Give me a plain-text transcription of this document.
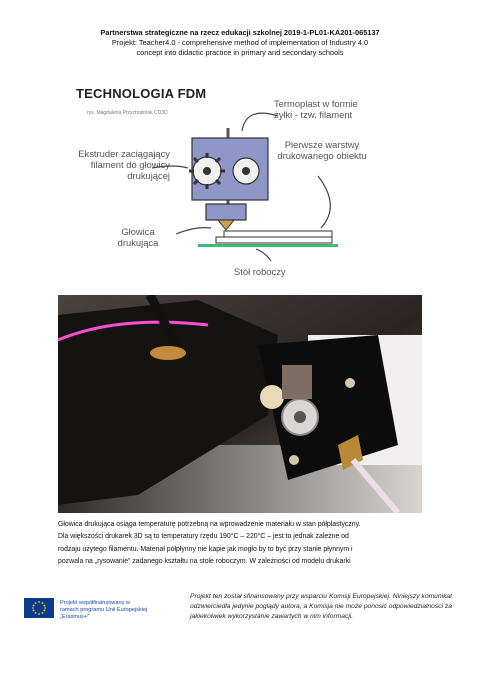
Partnerstwa strategiczne na rzecz edukacji szkolnej 2019-1-PL01-KA201-065137
Projekt: Teacher4.0 - comprehensive method of implementation of Industry 4.0
concept into didactic practice in primary and secondary schools
TECHNOLOGIA FDM
rys. Magdalena Przychodniak CD3D
Termoplast w formie
żyłki - tzw. filament
Ekstruder zaciągający
filament do głowicy
drukującej
Pierwsze warstwy
drukowanego obiektu
Głowica
drukująca
Stół roboczy
Głowica drukująca osiąga temperaturę potrzebną na wprowadzenie materiału w stan półplastyczny.
Dla większości drukarek 3D są to temperatury rzędu 190°C – 220°C – jest to jednak zależne od
rodzaju użytego filamentu. Materiał półpłynny nie kapie jak mogło by to być przy stanie płynnym i
pozwala na „rysowanie” zadanego kształtu na stole roboczym. W zależności od modelu drukarki
Projekt współfinansowany w
ramach programu Unii Europejskiej
„Erasmus+”
Projekt ten został sfinansowany przy wsparciu Komisji Europejskiej. Niniejszy komunikat odzwierciedla jedynie poglądy autora, a Komisja nie może ponosić odpowiedzialności za jakiekolwiek wykorzystanie zawartych w nim informacji.
